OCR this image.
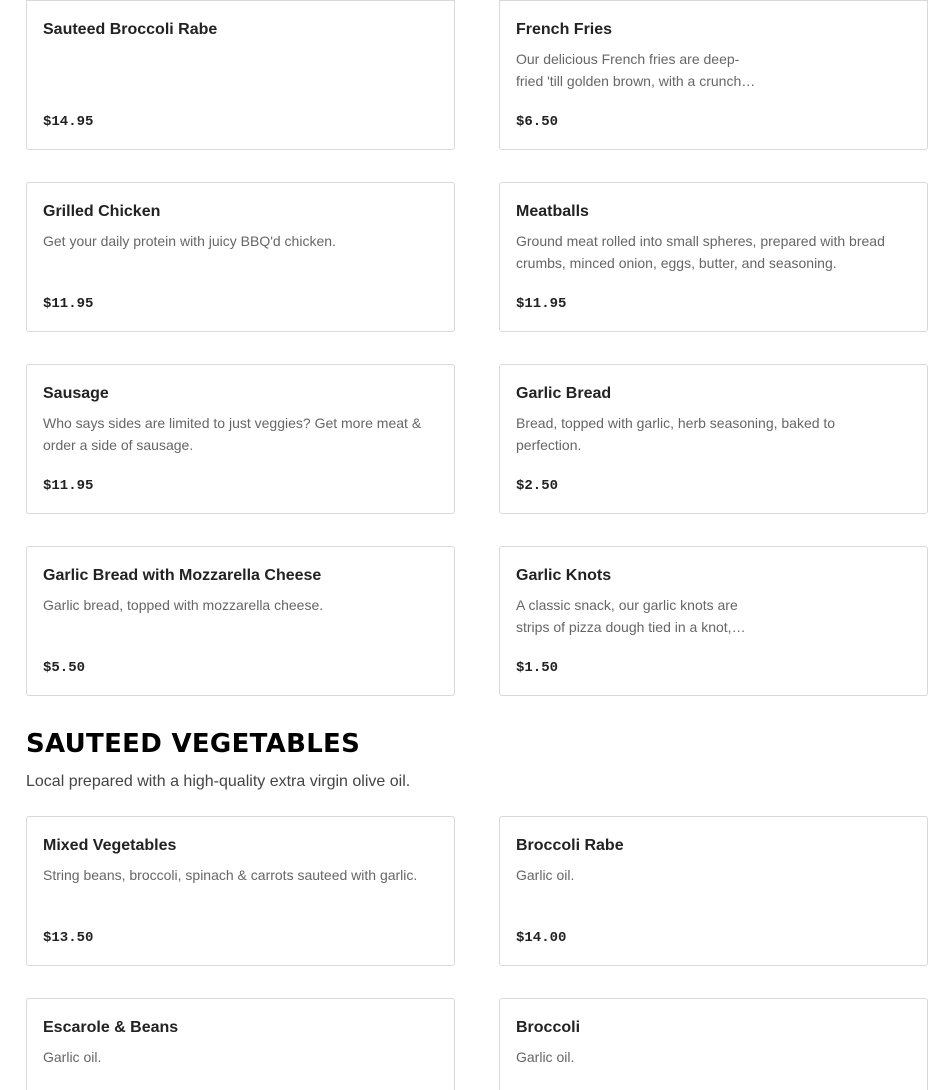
Sauteed Broccoli Rabe
$14.95
French Fries
Our delicious French fries are deep-fried 'till golden brown, with a crunch…
$6.50
Grilled Chicken
Get your daily protein with juicy BBQ'd chicken.
$11.95
Meatballs
Ground meat rolled into small spheres, prepared with bread crumbs, minced onion, eggs, butter, and seasoning.
$11.95
Sausage
Who says sides are limited to just veggies? Get more meat & order a side of sausage.
$11.95
Garlic Bread
Bread, topped with garlic, herb seasoning, baked to perfection.
$2.50
Garlic Bread with Mozzarella Cheese
Garlic bread, topped with mozzarella cheese.
$5.50
Garlic Knots
A classic snack, our garlic knots are strips of pizza dough tied in a knot,…
$1.50
SAUTEED VEGETABLES
Local prepared with a high-quality extra virgin olive oil.
Mixed Vegetables
String beans, broccoli, spinach & carrots sauteed with garlic.
$13.50
Broccoli Rabe
Garlic oil.
$14.00
Escarole & Beans
Garlic oil.
Broccoli
Garlic oil.
